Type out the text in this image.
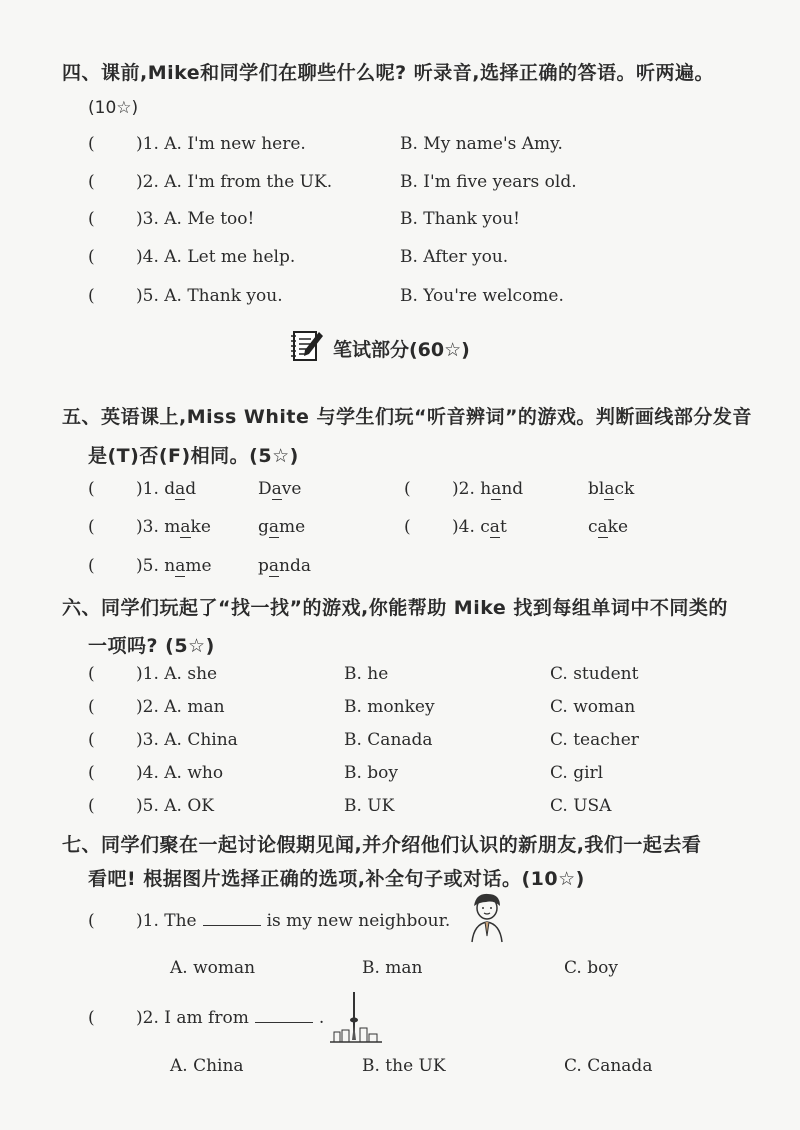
四、课前,Mike和同学们在聊些什么呢? 听录音,选择正确的答语。听两遍。
(10☆)
( )1. A. I'm new here.	B. My name's Amy.
( )2. A. I'm from the UK.	B. I'm five years old.
( )3. A. Me too!	B. Thank you!
( )4. A. Let me help.	B. After you.
( )5. A. Thank you.	B. You're welcome.
笔试部分(60☆)
五、英语课上,Miss White 与学生们玩“听音辨词”的游戏。判断画线部分发音
是(T)否(F)相同。(5☆)
( )1. dad	Dave	( )2. hand	black
( )3. make	game	( )4. cat	cake
( )5. name	panda
六、同学们玩起了“找一找”的游戏,你能帮助 Mike 找到每组单词中不同类的
一项吗? (5☆)
( )1. A. she	B. he	C. student
( )2. A. man	B. monkey	C. woman
( )3. A. China	B. Canada	C. teacher
( )4. A. who	B. boy	C. girl
( )5. A. OK	B. UK	C. USA
七、同学们聚在一起讨论假期见闻,并介绍他们认识的新朋友,我们一起去看
看吧! 根据图片选择正确的选项,补全句子或对话。(10☆)
( )1. The	is my new neighbour.
A. woman	B. man	C. boy
( )2. I am from	.
A. China	B. the UK	C. Canada
